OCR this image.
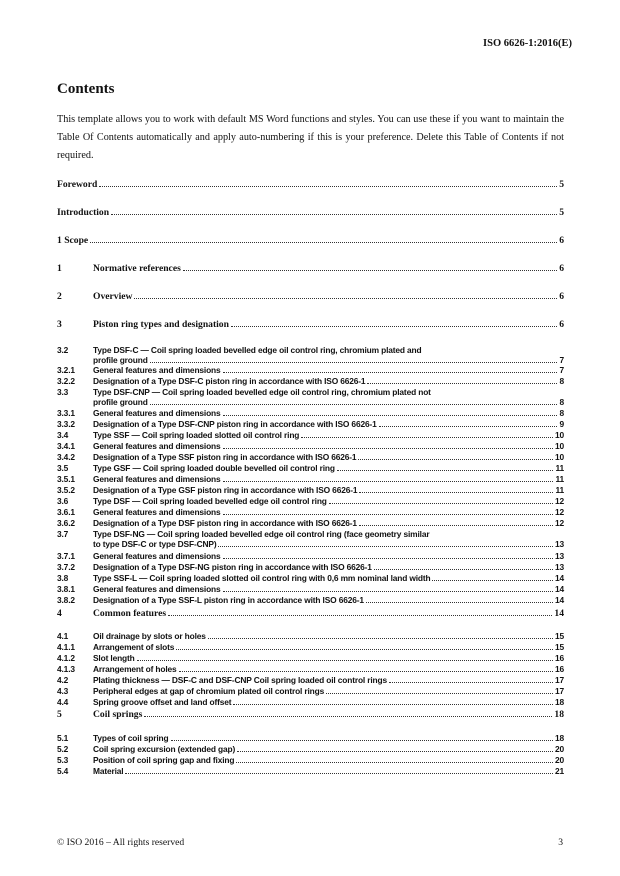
ISO 6626-1:2016(E)
Contents

This template allows you to work with default MS Word functions and styles. You can use these if you want to maintain the Table Of Contents automatically and apply auto-numbering if this is your preference. Delete this Table of Contents if not required.

Foreword	5
Introduction	5
1 Scope	6
1	Normative references	6
2	Overview	6
3	Piston ring types and designation	6
3.2	Type DSF-C — Coil spring loaded bevelled edge oil control ring, chromium plated and
profile ground	7
3.2.1	General features and dimensions	7
3.2.2	Designation of a Type DSF-C piston ring in accordance with ISO 6626-1	8
3.3	Type DSF-CNP — Coil spring loaded bevelled edge oil control ring, chromium plated not
profile ground	8
3.3.1	General features and dimensions	8
3.3.2	Designation of a Type DSF-CNP piston ring in accordance with ISO 6626-1	9
3.4	Type SSF — Coil spring loaded slotted oil control ring	10
3.4.1	General features and dimensions	10
3.4.2	Designation of a Type SSF piston ring in accordance with ISO 6626-1	10
3.5	Type GSF — Coil spring loaded double bevelled oil control ring	11
3.5.1	General features and dimensions	11
3.5.2	Designation of a Type GSF piston ring in accordance with ISO 6626-1	11
3.6	Type DSF — Coil spring loaded bevelled edge oil control ring	12
3.6.1	General features and dimensions	12
3.6.2	Designation of a Type DSF piston ring in accordance with ISO 6626-1	12
3.7	Type DSF-NG — Coil spring loaded bevelled edge oil control ring (face geometry similar
to type DSF-C or type DSF-CNP)	13
3.7.1	General features and dimensions	13
3.7.2	Designation of a Type DSF-NG piston ring in accordance with ISO 6626-1	13
3.8	Type SSF-L — Coil spring loaded slotted oil control ring with 0,6 mm nominal land width	14
3.8.1	General features and dimensions	14
3.8.2	Designation of a Type SSF-L piston ring in accordance with ISO 6626-1	14
4	Common features	14
4.1	Oil drainage by slots or holes	15
4.1.1	Arrangement of slots	15
4.1.2	Slot length	16
4.1.3	Arrangement of holes	16
4.2	Plating thickness — DSF-C and DSF-CNP Coil spring loaded oil control rings	17
4.3	Peripheral edges at gap of chromium plated oil control rings	17
4.4	Spring groove offset and land offset	18
5	Coil springs	18
5.1	Types of coil spring	18
5.2	Coil spring excursion (extended gap)	20
5.3	Position of coil spring gap and fixing	20
5.4	Material	21
© ISO 2016 – All rights reserved	3
